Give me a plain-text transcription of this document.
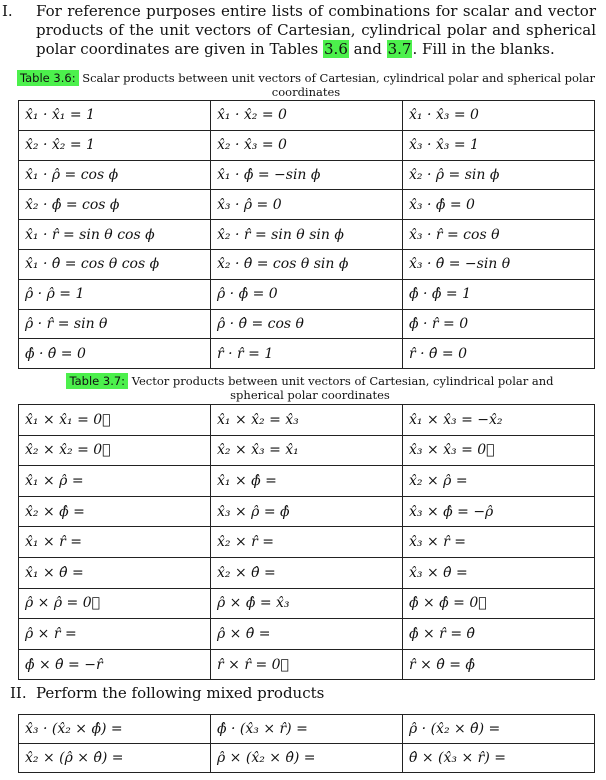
I. For reference purposes entire lists of combinations for scalar and vector products of the unit vectors of Cartesian, cylindrical polar and spherical polar coordinates are given in Tables 3.6 and 3.7. Fill in the blanks.
Table 3.6: Scalar products between unit vectors of Cartesian, cylindrical polar and spherical polar coordinates
x̂₁ · x̂₁ = 1	x̂₁ · x̂₂ = 0	x̂₁ · x̂₃ = 0
x̂₂ · x̂₂ = 1	x̂₂ · x̂₃ = 0	x̂₃ · x̂₃ = 1
x̂₁ · ρ̂ = cos ϕ	x̂₁ · ϕ̂ = −sin ϕ	x̂₂ · ρ̂ = sin ϕ
x̂₂ · ϕ̂ = cos ϕ	x̂₃ · ρ̂ = 0	x̂₃ · ϕ̂ = 0
x̂₁ · r̂ = sin θ cos ϕ	x̂₂ · r̂ = sin θ sin ϕ	x̂₃ · r̂ = cos θ
x̂₁ · θ̂ = cos θ cos ϕ	x̂₂ · θ̂ = cos θ sin ϕ	x̂₃ · θ̂ = −sin θ
ρ̂ · ρ̂ = 1	ρ̂ · ϕ̂ = 0	ϕ̂ · ϕ̂ = 1
ρ̂ · r̂ = sin θ	ρ̂ · θ̂ = cos θ	ϕ̂ · r̂ = 0
ϕ̂ · θ̂ = 0	r̂ · r̂ = 1	r̂ · θ̂ = 0
Table 3.7: Vector products between unit vectors of Cartesian, cylindrical polar and spherical polar coordinates
x̂₁ × x̂₁ = 0⃗	x̂₁ × x̂₂ = x̂₃	x̂₁ × x̂₃ = −x̂₂
x̂₂ × x̂₂ = 0⃗	x̂₂ × x̂₃ = x̂₁	x̂₃ × x̂₃ = 0⃗
x̂₁ × ρ̂ =	x̂₁ × ϕ̂ =	x̂₂ × ρ̂ =
x̂₂ × ϕ̂ =	x̂₃ × ρ̂ = ϕ̂	x̂₃ × ϕ̂ = −ρ̂
x̂₁ × r̂ =	x̂₂ × r̂ =	x̂₃ × r̂ =
x̂₁ × θ̂ =	x̂₂ × θ̂ =	x̂₃ × θ̂ =
ρ̂ × ρ̂ = 0⃗	ρ̂ × ϕ̂ = x̂₃	ϕ̂ × ϕ̂ = 0⃗
ρ̂ × r̂ =	ρ̂ × θ̂ =	ϕ̂ × r̂ = θ̂
ϕ̂ × θ̂ = −r̂	r̂ × r̂ = 0⃗	r̂ × θ̂ = ϕ̂
II. Perform the following mixed products
x̂₃ · (x̂₂ × ϕ̂) =	ϕ̂ · (x̂₃ × r̂) =	ρ̂ · (x̂₂ × θ̂) =
x̂₂ × (ρ̂ × θ̂) =	ρ̂ × (x̂₂ × θ̂) =	θ̂ × (x̂₃ × r̂) =
